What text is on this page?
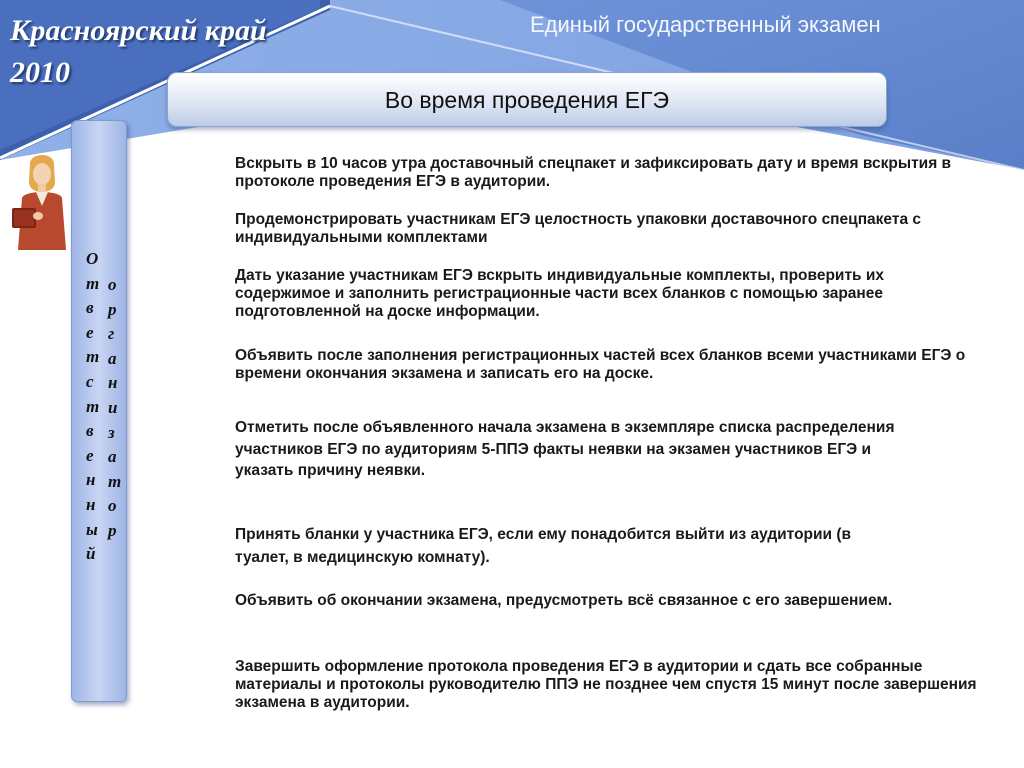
Красноярский край
2010
Единый государственный экзамен
Во время проведения ЕГЭ
О
т
в
е
т
с
т
в
е
н
н
ы
й
о
р
г
а
н
и
з
а
т
о
р

Вскрыть в 10 часов утра доставочный спецпакет и зафиксировать дату и время вскрытия в протоколе проведения ЕГЭ в аудитории.

Продемонстрировать участникам ЕГЭ целостность упаковки доставочного спецпакета с индивидуальными комплектами

Дать указание участникам ЕГЭ вскрыть индивидуальные комплекты, проверить их содержимое и заполнить регистрационные части всех бланков с помощью заранее подготовленной на доске информации.

Объявить после заполнения регистрационных частей всех бланков всеми участниками ЕГЭ о времени окончания экзамена и записать его на доске.

Отметить после объявленного начала экзамена в экземпляре списка распределения участников ЕГЭ по аудиториям 5-ППЭ факты неявки на экзамен участников ЕГЭ и указать причину неявки.

Принять бланки у участника ЕГЭ, если ему понадобится выйти из аудитории (в туалет, в медицинскую комнату).

Объявить об окончании экзамена, предусмотреть всё связанное с его завершением.

Завершить оформление протокола проведения ЕГЭ в аудитории и сдать все собранные материалы и протоколы руководителю ППЭ не позднее чем спустя 15 минут после завершения экзамена в аудитории.
